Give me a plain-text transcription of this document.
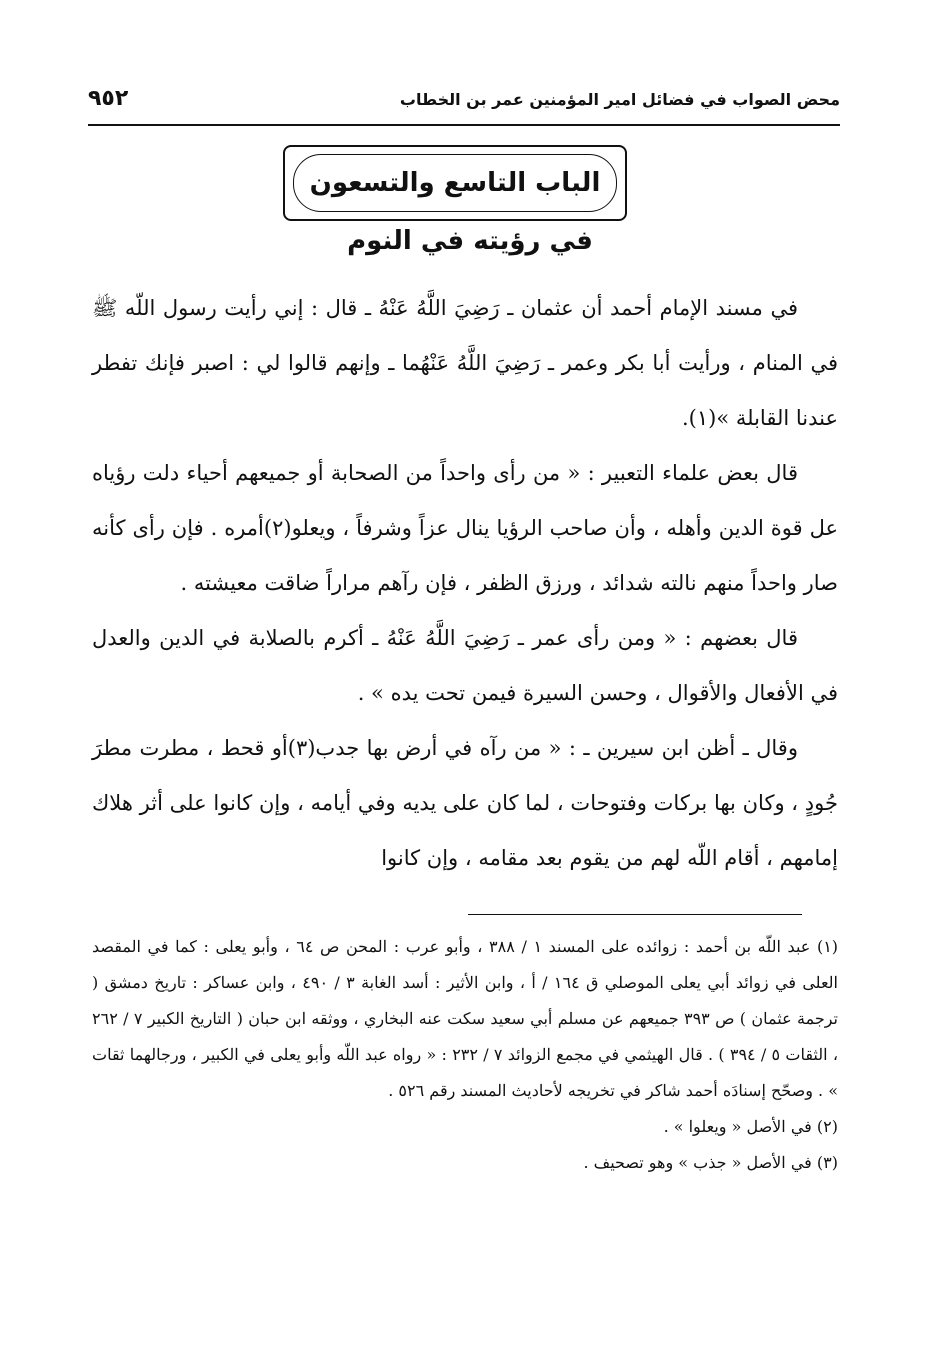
محض الصواب في فضائل امير المؤمنين عمر بن الخطاب
٩٥٢
الباب التاسع والتسعون
في رؤيته في النوم

في مسند الإمام أحمد أن عثمان ـ رَضِيَ اللَّهُ عَنْهُ ـ قال : إني رأيت رسول اللّه ﷺ في المنام ، ورأيت أبا بكر وعمر ـ رَضِيَ اللَّهُ عَنْهُما ـ وإنهم قالوا لي : اصبر فإنك تفطر عندنا القابلة »(١).

قال بعض علماء التعبير : « من رأى واحداً من الصحابة أو جميعهم أحياء دلت رؤياه عل قوة الدين وأهله ، وأن صاحب الرؤيا ينال عزاً وشرفاً ، ويعلو(٢)أمره . فإن رأى كأنه صار واحداً منهم نالته شدائد ، ورزق الظفر ، فإن رآهم مراراً ضاقت معيشته .

قال بعضهم : « ومن رأى عمر ـ رَضِيَ اللَّهُ عَنْهُ ـ أكرم بالصلابة في الدين والعدل في الأفعال والأقوال ، وحسن السيرة فيمن تحت يده » .

وقال ـ أظن ابن سيرين ـ : « من رآه في أرض بها جدب(٣)أو قحط ، مطرت مطرَ جُودٍ ، وكان بها بركات وفتوحات ، لما كان على يديه وفي أيامه ، وإن كانوا على أثر هلاك إمامهم ، أقام اللّه لهم من يقوم بعد مقامه ، وإن كانوا

(١) عبد اللّه بن أحمد : زوائده على المسند ١ / ٣٨٨ ، وأبو عرب : المحن ص ٦٤ ، وأبو يعلى : كما في المقصد العلى في زوائد أبي يعلى الموصلي ق ١٦٤ / أ ، وابن الأثير : أسد الغابة ٣ / ٤٩٠ ، وابن عساكر : تاريخ دمشق ( ترجمة عثمان ) ص ٣٩٣ جميعهم عن مسلم أبي سعيد سكت عنه البخاري ، ووثقه ابن حبان ( التاريخ الكبير ٧ / ٢٦٢ ، الثقات ٥ / ٣٩٤ ) . قال الهيثمي في مجمع الزوائد ٧ / ٢٣٢ : « رواه عبد اللّه وأبو يعلى في الكبير ، ورجالهما ثقات » . وصحّح إسنادَه أحمد شاكر في تخريجه لأحاديث المسند رقم ٥٢٦ .

(٢) في الأصل « ويعلوا » .

(٣) في الأصل « جذب » وهو تصحيف .
